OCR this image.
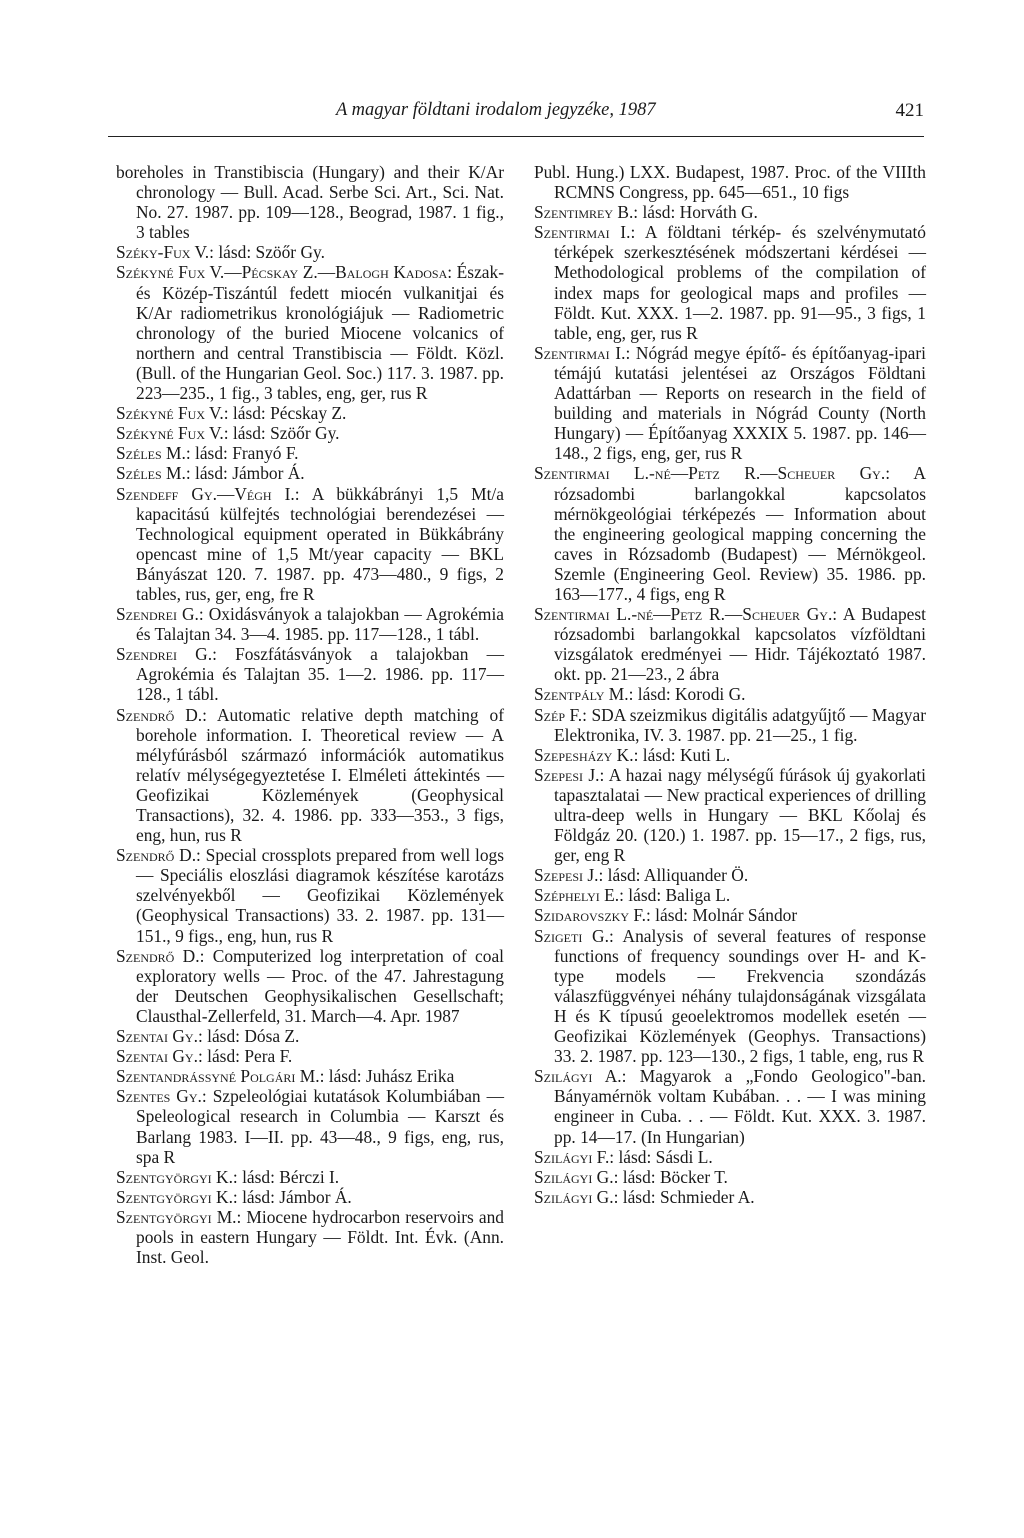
A magyar földtani irodalom jegyzéke, 1987	421

boreholes in Transtibiscia (Hungary) and their K/Ar chronology — Bull. Acad. Serbe Sci. Art., Sci. Nat. No. 27. 1987. pp. 109—128., Beograd, 1987. 1 fig., 3 tables

Széky-Fux V.: lásd: Szöőr Gy.

Székyné Fux V.—Pécskay Z.—Balogh Kadosa: Észak- és Közép-Tiszántúl fedett miocén vulkanitjai és K/Ar radiometrikus kronológiájuk — Radiometric chronology of the buried Miocene volcanics of northern and central Transtibiscia — Földt. Közl. (Bull. of the Hungarian Geol. Soc.) 117. 3. 1987. pp. 223—235., 1 fig., 3 tables, eng, ger, rus R

Székyné Fux V.: lásd: Pécskay Z.

Székyné Fux V.: lásd: Szöőr Gy.

Széles M.: lásd: Franyó F.

Széles M.: lásd: Jámbor Á.

Szendeff Gy.—Végh I.: A bükkábrányi 1,5 Mt/a kapacitású külfejtés technológiai berendezései — Technological equipment operated in Bükkábrány opencast mine of 1,5 Mt/year capacity — BKL Bányászat 120. 7. 1987. pp. 473—480., 9 figs, 2 tables, rus, ger, eng, fre R

Szendrei G.: Oxidásványok a talajokban — Agrokémia és Talajtan 34. 3—4. 1985. pp. 117—128., 1 tábl.

Szendrei G.: Foszfátásványok a talajokban — Agrokémia és Talajtan 35. 1—2. 1986. pp. 117—128., 1 tábl.

Szendrő D.: Automatic relative depth matching of borehole information. I. Theoretical review — A mélyfúrásból származó információk automatikus relatív mélységegyeztetése I. Elméleti áttekintés — Geofizikai Közlemények (Geophysical Transactions), 32. 4. 1986. pp. 333—353., 3 figs, eng, hun, rus R

Szendrő D.: Special crossplots prepared from well logs — Speciális eloszlási diagramok készítése karotázs szelvényekből — Geofizikai Közlemények (Geophysical Transactions) 33. 2. 1987. pp. 131—151., 9 figs., eng, hun, rus R

Szendrő D.: Computerized log interpretation of coal exploratory wells — Proc. of the 47. Jahrestagung der Deutschen Geophysikalischen Gesellschaft; Clausthal-Zellerfeld, 31. March—4. Apr. 1987

Szentai Gy.: lásd: Dósa Z.

Szentai Gy.: lásd: Pera F.

Szentandrássyné Polgári M.: lásd: Juhász Erika

Szentes Gy.: Szpeleológiai kutatások Kolumbiában — Speleological research in Columbia — Karszt és Barlang 1983. I—II. pp. 43—48., 9 figs, eng, rus, spa R

Szentgyörgyi K.: lásd: Bérczi I.

Szentgyörgyi K.: lásd: Jámbor Á.

Szentgyörgyi M.: Miocene hydrocarbon reservoirs and pools in eastern Hungary — Földt. Int. Évk. (Ann. Inst. Geol.

Publ. Hung.) LXX. Budapest, 1987. Proc. of the VIIIth RCMNS Congress, pp. 645—651., 10 figs

Szentimrey B.: lásd: Horváth G.

Szentirmai I.: A földtani térkép- és szelvénymutató térképek szerkesztésének módszertani kérdései — Methodological problems of the compilation of index maps for geological maps and profiles — Földt. Kut. XXX. 1—2. 1987. pp. 91—95., 3 figs, 1 table, eng, ger, rus R

Szentirmai I.: Nógrád megye építő- és építőanyag-ipari témájú kutatási jelentései az Országos Földtani Adattárban — Reports on research in the field of building and materials in Nógrád County (North Hungary) — Építőanyag XXXIX 5. 1987. pp. 146—148., 2 figs, eng, ger, rus R

Szentirmai L.-né—Petz R.—Scheuer Gy.: A rózsadombi barlangokkal kapcsolatos mérnökgeológiai térképezés — Information about the engineering geological mapping concerning the caves in Rózsadomb (Budapest) — Mérnökgeol. Szemle (Engineering Geol. Review) 35. 1986. pp. 163—177., 4 figs, eng R

Szentirmai L.-né—Petz R.—Scheuer Gy.: A Budapest rózsadombi barlangokkal kapcsolatos vízföldtani vizsgálatok eredményei — Hidr. Tájékoztató 1987. okt. pp. 21—23., 2 ábra

Szentpály M.: lásd: Korodi G.

Szép F.: SDA szeizmikus digitális adatgyűjtő — Magyar Elektronika, IV. 3. 1987. pp. 21—25., 1 fig.

Szepesházy K.: lásd: Kuti L.

Szepesi J.: A hazai nagy mélységű fúrások új gyakorlati tapasztalatai — New practical experiences of drilling ultra-deep wells in Hungary — BKL Kőolaj és Földgáz 20. (120.) 1. 1987. pp. 15—17., 2 figs, rus, ger, eng R

Szepesi J.: lásd: Alliquander Ö.

Széphelyi E.: lásd: Baliga L.

Szidarovszky F.: lásd: Molnár Sándor

Szigeti G.: Analysis of several features of response functions of frequency soundings over H- and K-type models — Frekvencia szondázás válaszfüggvényei néhány tulajdonságának vizsgálata H és K típusú geoelektromos modellek esetén — Geofizikai Közlemények (Geophys. Transactions) 33. 2. 1987. pp. 123—130., 2 figs, 1 table, eng, rus R

Szilágyi A.: Magyarok a „Fondo Geologico"-ban. Bányamérnök voltam Kubában. . . — I was mining engineer in Cuba. . . — Földt. Kut. XXX. 3. 1987. pp. 14—17. (In Hungarian)

Szilágyi F.: lásd: Sásdi L.

Szilágyi G.: lásd: Böcker T.

Szilágyi G.: lásd: Schmieder A.
